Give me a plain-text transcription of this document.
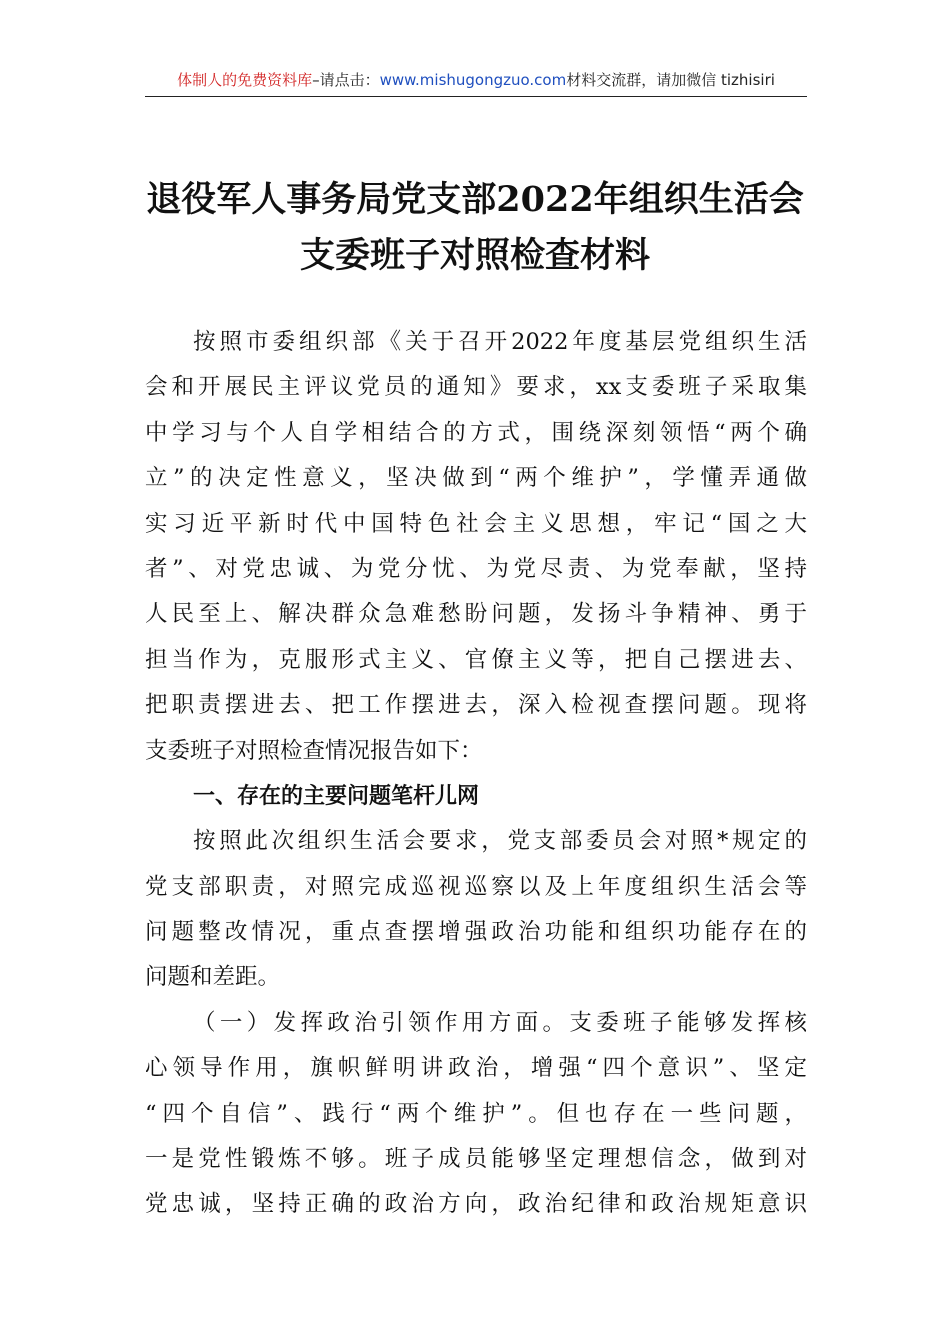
体制人的免费资料库–请点击：www.mishugongzuo.com材料交流群，请加微信 tizhisiri
退役军人事务局党支部2022年组织生活会
支委班子对照检查材料
按照市委组织部《关于召开2022年度基层党组织生活
会和开展民主评议党员的通知》要求，xx支委班子采取集
中学习与个人自学相结合的方式，围绕深刻领悟“两个确
立”的决定性意义，坚决做到“两个维护”，学懂弄通做
实习近平新时代中国特色社会主义思想，牢记“国之大
者”、对党忠诚、为党分忧、为党尽责、为党奉献，坚持
人民至上、解决群众急难愁盼问题，发扬斗争精神、勇于
担当作为，克服形式主义、官僚主义等，把自己摆进去、
把职责摆进去、把工作摆进去，深入检视查摆问题。现将
支委班子对照检查情况报告如下：
一、存在的主要问题笔杆儿网
按照此次组织生活会要求，党支部委员会对照*规定的
党支部职责，对照完成巡视巡察以及上年度组织生活会等
问题整改情况，重点查摆增强政治功能和组织功能存在的
问题和差距。
（一）发挥政治引领作用方面。支委班子能够发挥核
心领导作用，旗帜鲜明讲政治，增强“四个意识”、坚定
“四个自信”、践行“两个维护”。但也存在一些问题，
一是党性锻炼不够。班子成员能够坚定理想信念，做到对
党忠诚，坚持正确的政治方向，政治纪律和政治规矩意识
